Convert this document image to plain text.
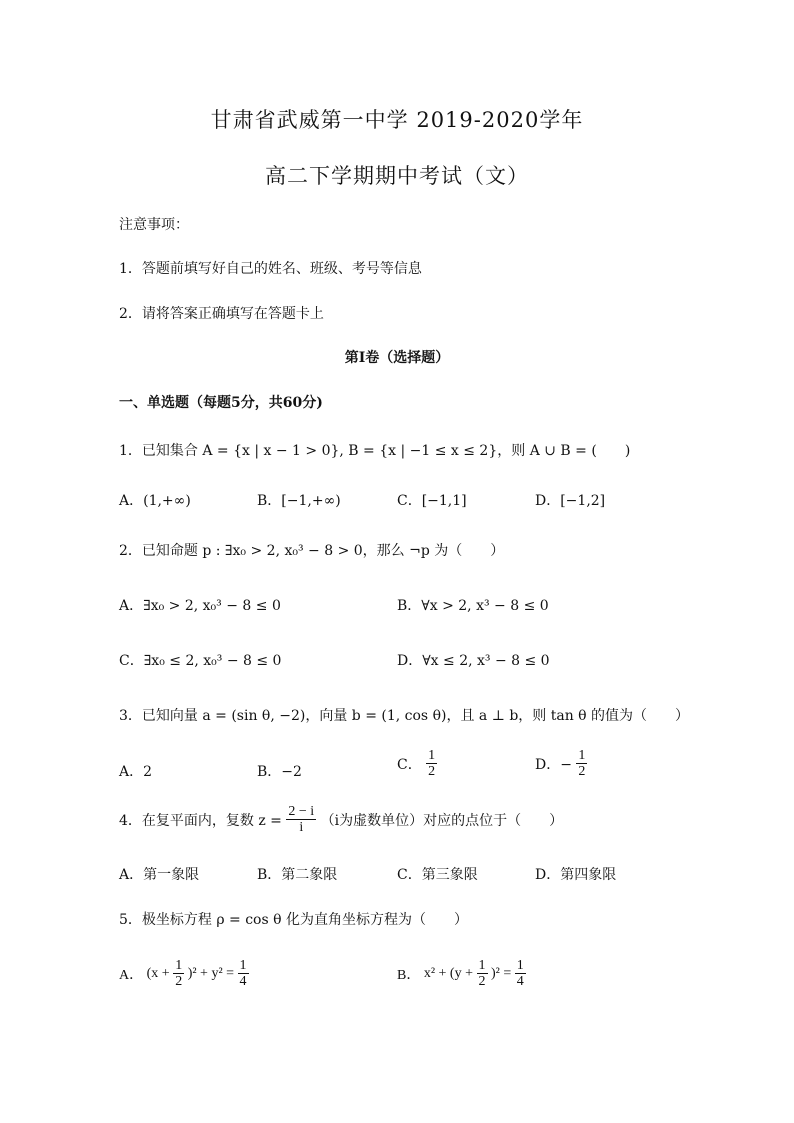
甘肃省武威第一中学 2019-2020学年
高二下学期期中考试（文）
注意事项：
1．答题前填写好自己的姓名、班级、考号等信息
2．请将答案正确填写在答题卡上
第I卷（选择题）
一、单选题（每题5分，共60分)
1．已知集合 A = {x | x − 1 > 0}, B = {x | −1 ≤ x ≤ 2}，则 A ∪ B = (　　)
A．(1,+∞)	B．[−1,+∞)	C．[−1,1]	D．[−1,2]
2．已知命题 p : ∃x₀ > 2, x₀³ − 8 > 0，那么 ¬p 为（　　）
A．∃x₀ > 2, x₀³ − 8 ≤ 0	B．∀x > 2, x³ − 8 ≤ 0
C．∃x₀ ≤ 2, x₀³ − 8 ≤ 0	D．∀x ≤ 2, x³ − 8 ≤ 0
3．已知向量 a = (sin θ, −2)，向量 b = (1, cos θ)，且 a ⊥ b，则 tan θ 的值为（　　）
A．2	B．−2	C． $\frac{1}{2}$	D．− $\frac{1}{2}$
4．在复平面内，复数 $z = \frac{2 - i}{i} (i$为虚数单位）对应的点位于（　　）
A．第一象限	B．第二象限	C．第三象限	D．第四象限
5．极坐标方程 ρ = cos θ 化为直角坐标方程为（　　）
A． $(x + \frac{1}{2} )^2 + y^2 = \frac{1}{4}$	B． $x^2 + (y + \frac{1}{2} )^2 = \frac{1}{4}$
